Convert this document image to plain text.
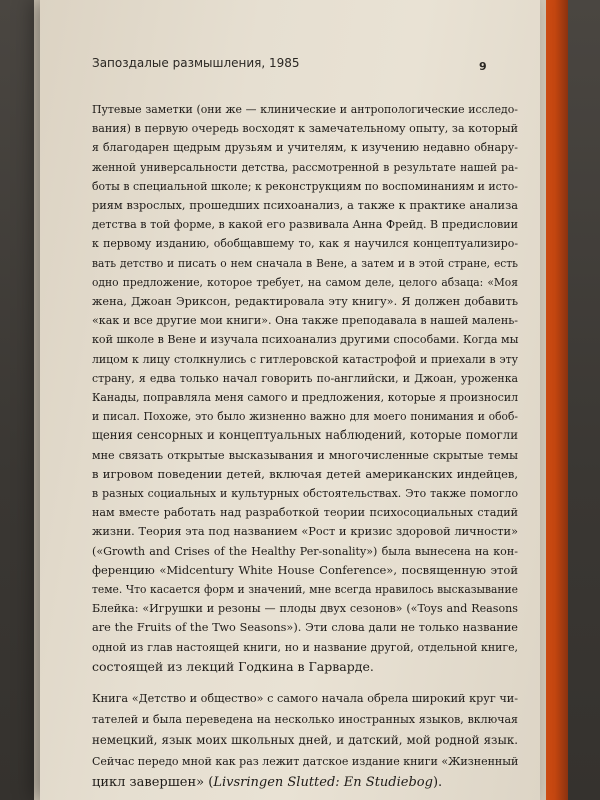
Запоздалые размышления, 1985	9

Путевые заметки (они же — клинические и антропологические исследо-
вания) в первую очередь восходят к замечательному опыту, за который
я благодарен щедрым друзьям и учителям, к изучению недавно обнару-
женной универсальности детства, рассмотренной в результате нашей ра-
боты в специальной школе; к реконструкциям по воспоминаниям и исто-
риям взрослых, прошедших психоанализ, а также к практике анализа
детства в той форме, в какой его развивала Анна Фрейд. В предисловии
к первому изданию, обобщавшему то, как я научился концептуализиро-
вать детство и писать о нем сначала в Вене, а затем и в этой стране, есть
одно предложение, которое требует, на самом деле, целого абзаца: «Моя
жена, Джоан Эриксон, редактировала эту книгу». Я должен добавить
«как и все другие мои книги». Она также преподавала в нашей малень-
кой школе в Вене и изучала психоанализ другими способами. Когда мы
лицом к лицу столкнулись с гитлеровской катастрофой и приехали в эту
страну, я едва только начал говорить по-английски, и Джоан, уроженка
Канады, поправляла меня самого и предложения, которые я произносил
и писал. Похоже, это было жизненно важно для моего понимания и обоб-
щения сенсорных и концептуальных наблюдений, которые помогли
мне связать открытые высказывания и многочисленные скрытые темы
в игровом поведении детей, включая детей американских индейцев,
в разных социальных и культурных обстоятельствах. Это также помогло
нам вместе работать над разработкой теории психосоциальных стадий
жизни. Теория эта под названием «Рост и кризис здоровой личности»
(«Growth and Crises of the Healthy Per-sonality») была вынесена на кон-
ференцию «Midcentury White House Conference», посвященную этой
теме. Что касается форм и значений, мне всегда нравилось высказывание
Блейка: «Игрушки и резоны — плоды двух сезонов» («Toys and Reasons
are the Fruits of the Two Seasons»). Эти слова дали не только название
одной из глав настоящей книги, но и название другой, отдельной книге,
состоящей из лекций Годкина в Гарварде.

Книга «Детство и общество» с самого начала обрела широкий круг чи-
тателей и была переведена на несколько иностранных языков, включая
немецкий, язык моих школьных дней, и датский, мой родной язык.
Сейчас передо мной как раз лежит датское издание книги «Жизненный
цикл завершен» (Livsringen Slutted: En Studiebog).
